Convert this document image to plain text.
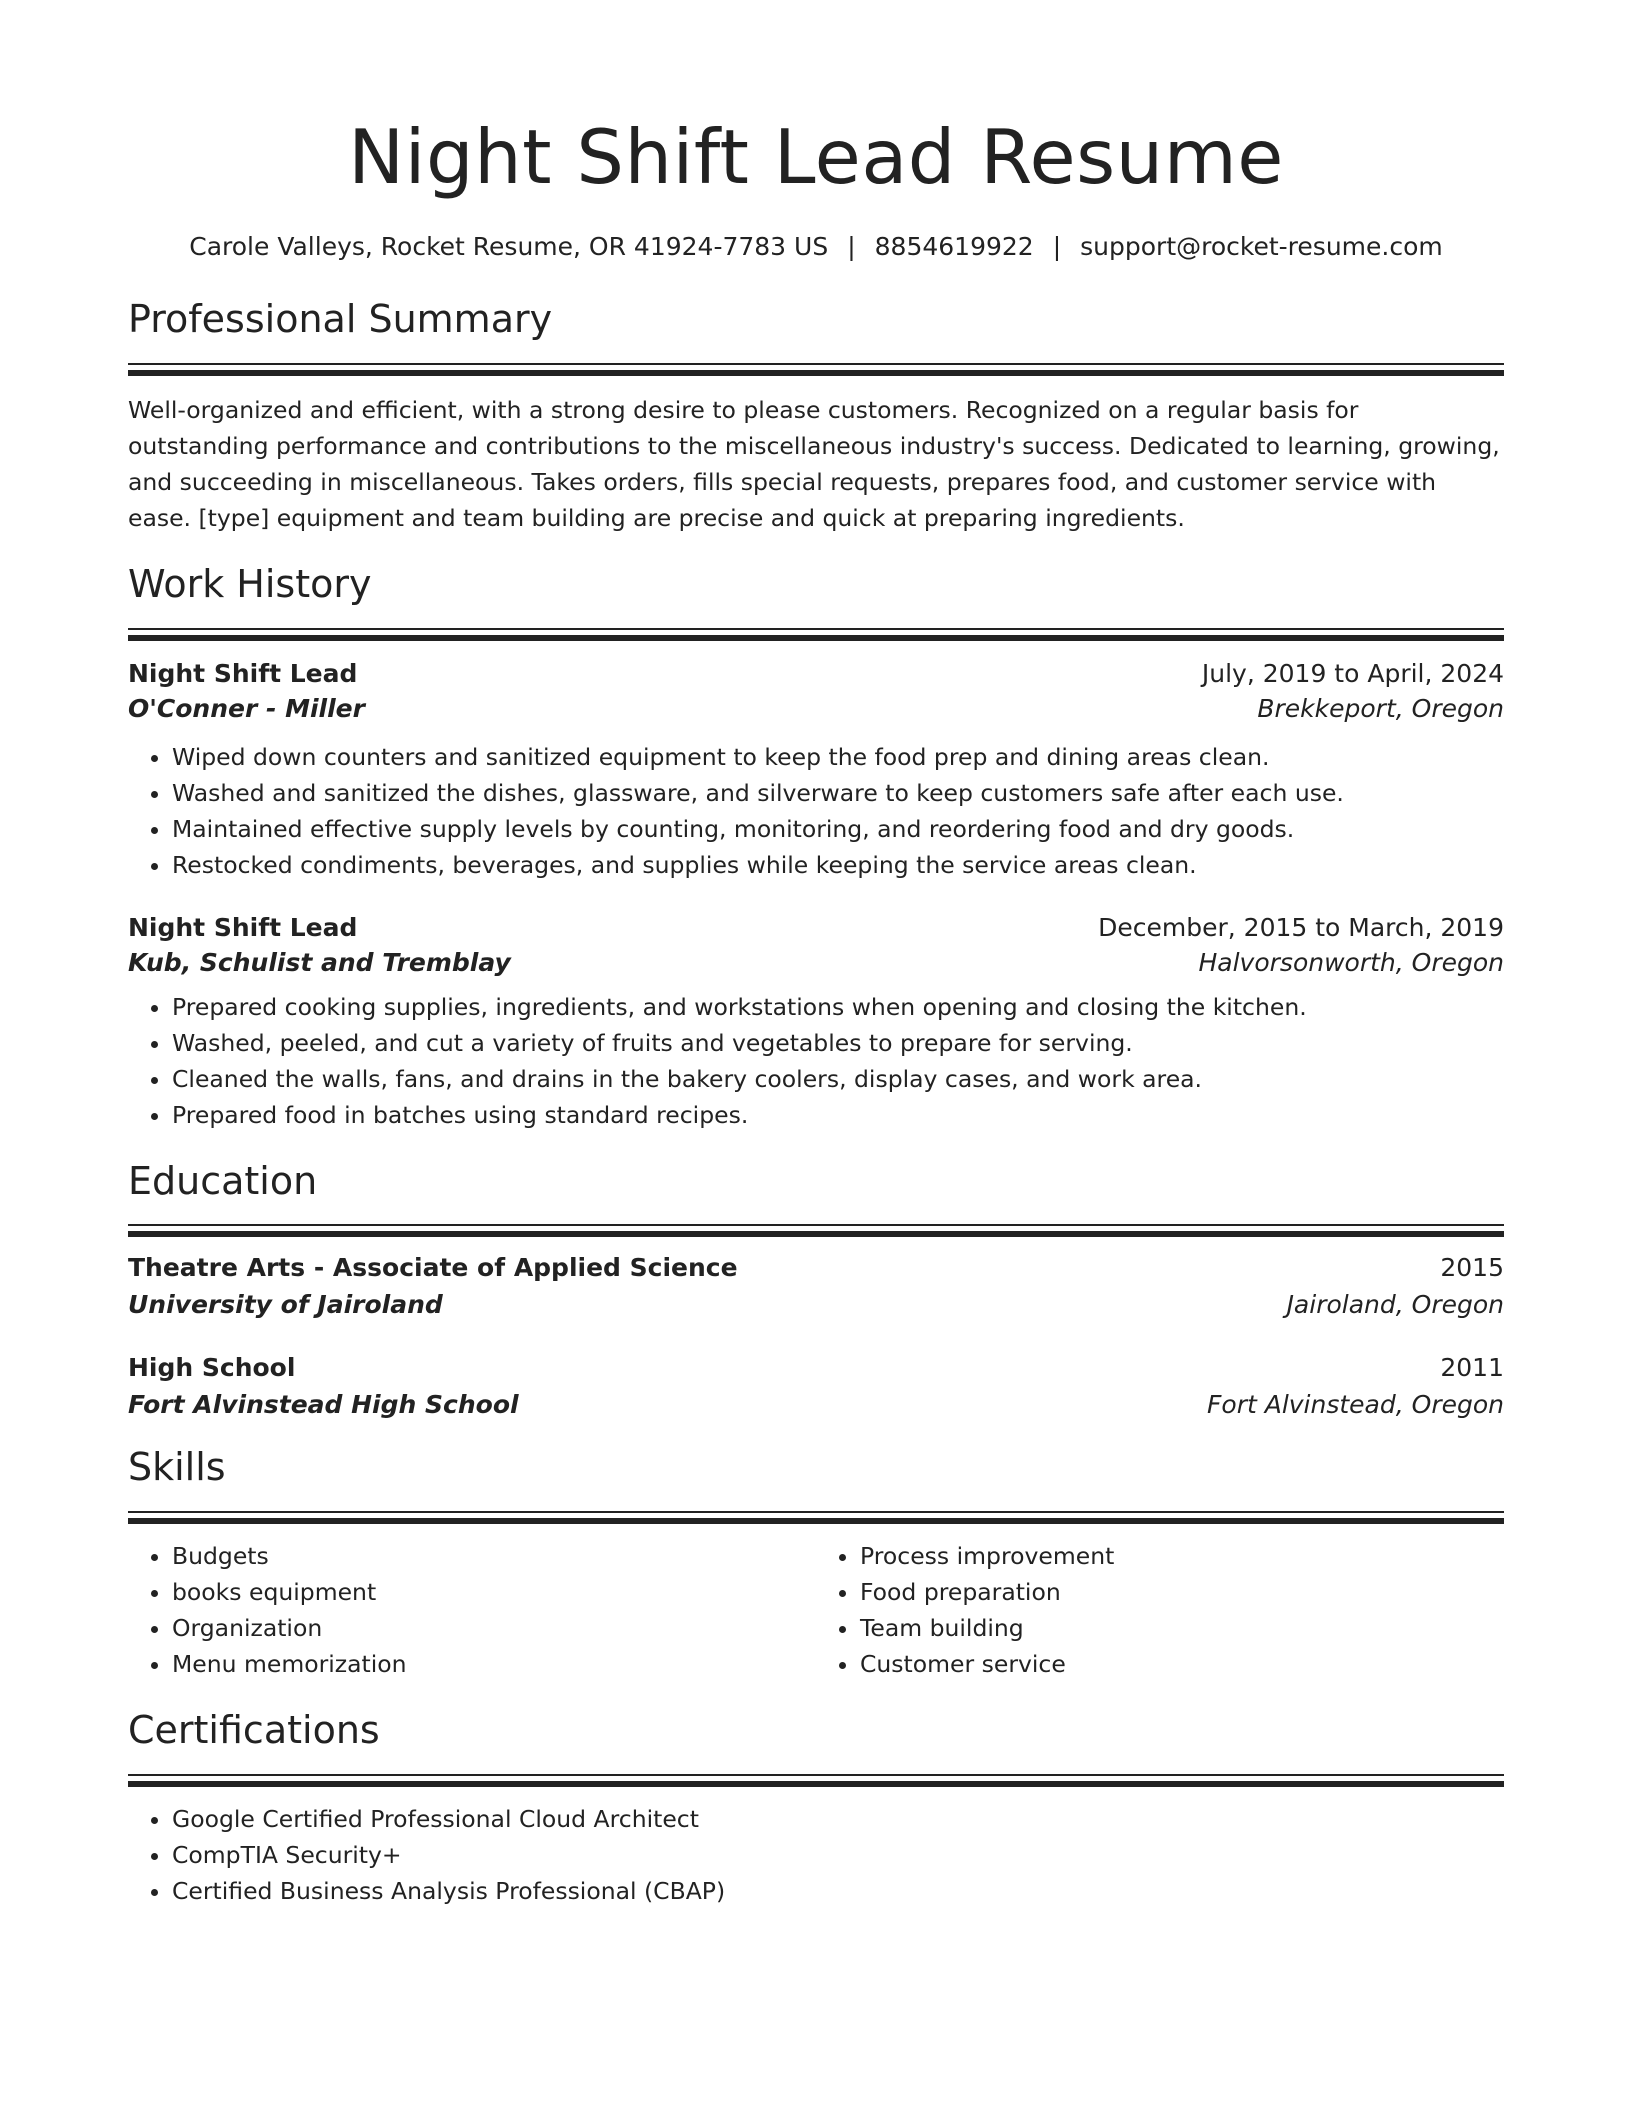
Night Shift Lead Resume
Carole Valleys, Rocket Resume, OR 41924-7783 US | 8854619922 | support@rocket-resume.com
Professional Summary
Well-organized and efficient, with a strong desire to please customers. Recognized on a regular basis for outstanding performance and contributions to the miscellaneous industry's success. Dedicated to learning, growing, and succeeding in miscellaneous. Takes orders, fills special requests, prepares food, and customer service with ease. [type] equipment and team building are precise and quick at preparing ingredients.
Work History
Night Shift Lead	July, 2019 to April, 2024
O'Conner - Miller	Brekkeport, Oregon
• Wiped down counters and sanitized equipment to keep the food prep and dining areas clean.
• Washed and sanitized the dishes, glassware, and silverware to keep customers safe after each use.
• Maintained effective supply levels by counting, monitoring, and reordering food and dry goods.
• Restocked condiments, beverages, and supplies while keeping the service areas clean.
Night Shift Lead	December, 2015 to March, 2019
Kub, Schulist and Tremblay	Halvorsonworth, Oregon
• Prepared cooking supplies, ingredients, and workstations when opening and closing the kitchen.
• Washed, peeled, and cut a variety of fruits and vegetables to prepare for serving.
• Cleaned the walls, fans, and drains in the bakery coolers, display cases, and work area.
• Prepared food in batches using standard recipes.
Education
Theatre Arts - Associate of Applied Science	2015
University of Jairoland	Jairoland, Oregon
High School	2011
Fort Alvinstead High School	Fort Alvinstead, Oregon
Skills
• Budgets
• books equipment
• Organization
• Menu memorization
• Process improvement
• Food preparation
• Team building
• Customer service
Certifications
• Google Certified Professional Cloud Architect
• CompTIA Security+
• Certified Business Analysis Professional (CBAP)
